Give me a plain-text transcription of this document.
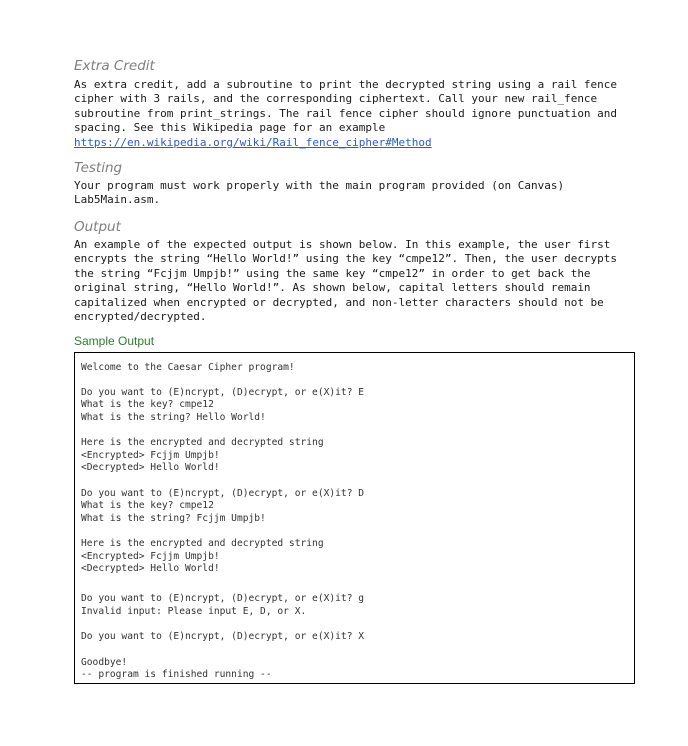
Extra Credit
As extra credit, add a subroutine to print the decrypted string using a rail fence
cipher with 3 rails, and the corresponding ciphertext. Call your new rail_fence
subroutine from print_strings. The rail fence cipher should ignore punctuation and
spacing. See this Wikipedia page for an example
https://en.wikipedia.org/wiki/Rail_fence_cipher#Method
Testing
Your program must work properly with the main program provided (on Canvas)
Lab5Main.asm.
Output
An example of the expected output is shown below. In this example, the user first
encrypts the string “Hello World!” using the key “cmpe12”. Then, the user decrypts
the string “Fcjjm Umpjb!” using the same key “cmpe12” in order to get back the
original string, “Hello World!”. As shown below, capital letters should remain
capitalized when encrypted or decrypted, and non-letter characters should not be
encrypted/decrypted.
Sample Output
Welcome to the Caesar Cipher program!
Do you want to (E)ncrypt, (D)ecrypt, or e(X)it? E
What is the key? cmpe12
What is the string? Hello World!
Here is the encrypted and decrypted string
<Encrypted> Fcjjm Umpjb!
<Decrypted> Hello World!
Do you want to (E)ncrypt, (D)ecrypt, or e(X)it? D
What is the key? cmpe12
What is the string? Fcjjm Umpjb!
Here is the encrypted and decrypted string
<Encrypted> Fcjjm Umpjb!
<Decrypted> Hello World!
Do you want to (E)ncrypt, (D)ecrypt, or e(X)it? g
Invalid input: Please input E, D, or X.
Do you want to (E)ncrypt, (D)ecrypt, or e(X)it? X
Goodbye!
-- program is finished running --
